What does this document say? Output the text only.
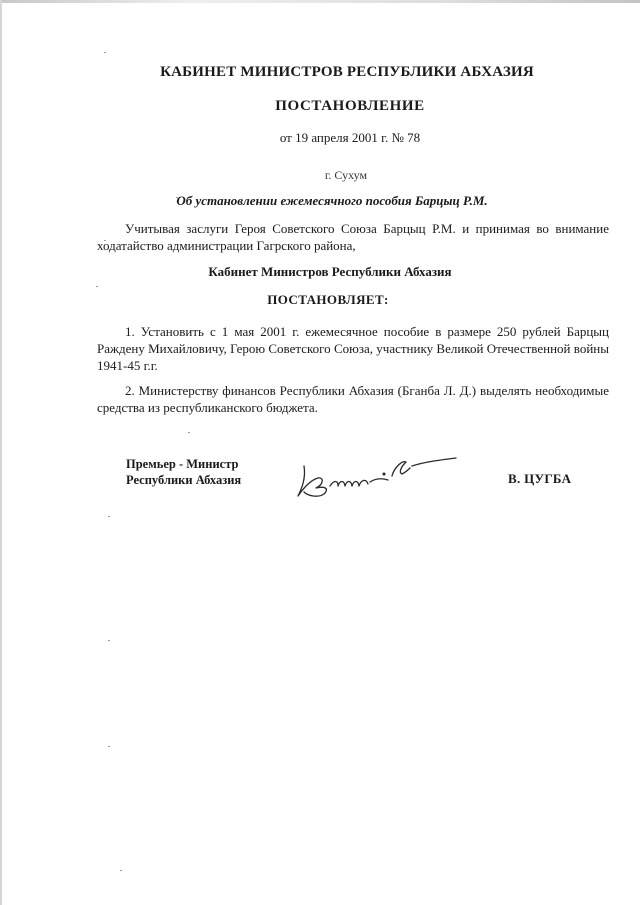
КАБИНЕТ МИНИСТРОВ РЕСПУБЛИКИ АБХАЗИЯ
ПОСТАНОВЛЕНИЕ
от 19 апреля 2001 г. № 78
г. Сухум
Об установлении ежемесячного пособия Барцыц Р.М.

Учитывая заслуги Героя Советского Союза Барцыц Р.М. и принимая во внимание ходатайство администрации Гагрского района,

Кабинет Министров Республики Абхазия
ПОСТАНОВЛЯЕТ:

1. Установить с 1 мая 2001 г. ежемесячное пособие в размере 250 рублей Барцыц Раждену Михайловичу, Герою Советского Союза, участнику Великой Отечественной войны 1941-45 г.г.

2. Министерству финансов Республики Абхазия (Бганба Л. Д.) выделять необходимые средства из республиканского бюджета.

Премьер - Министр
Республики Абхазия	В. ЦУГБА
